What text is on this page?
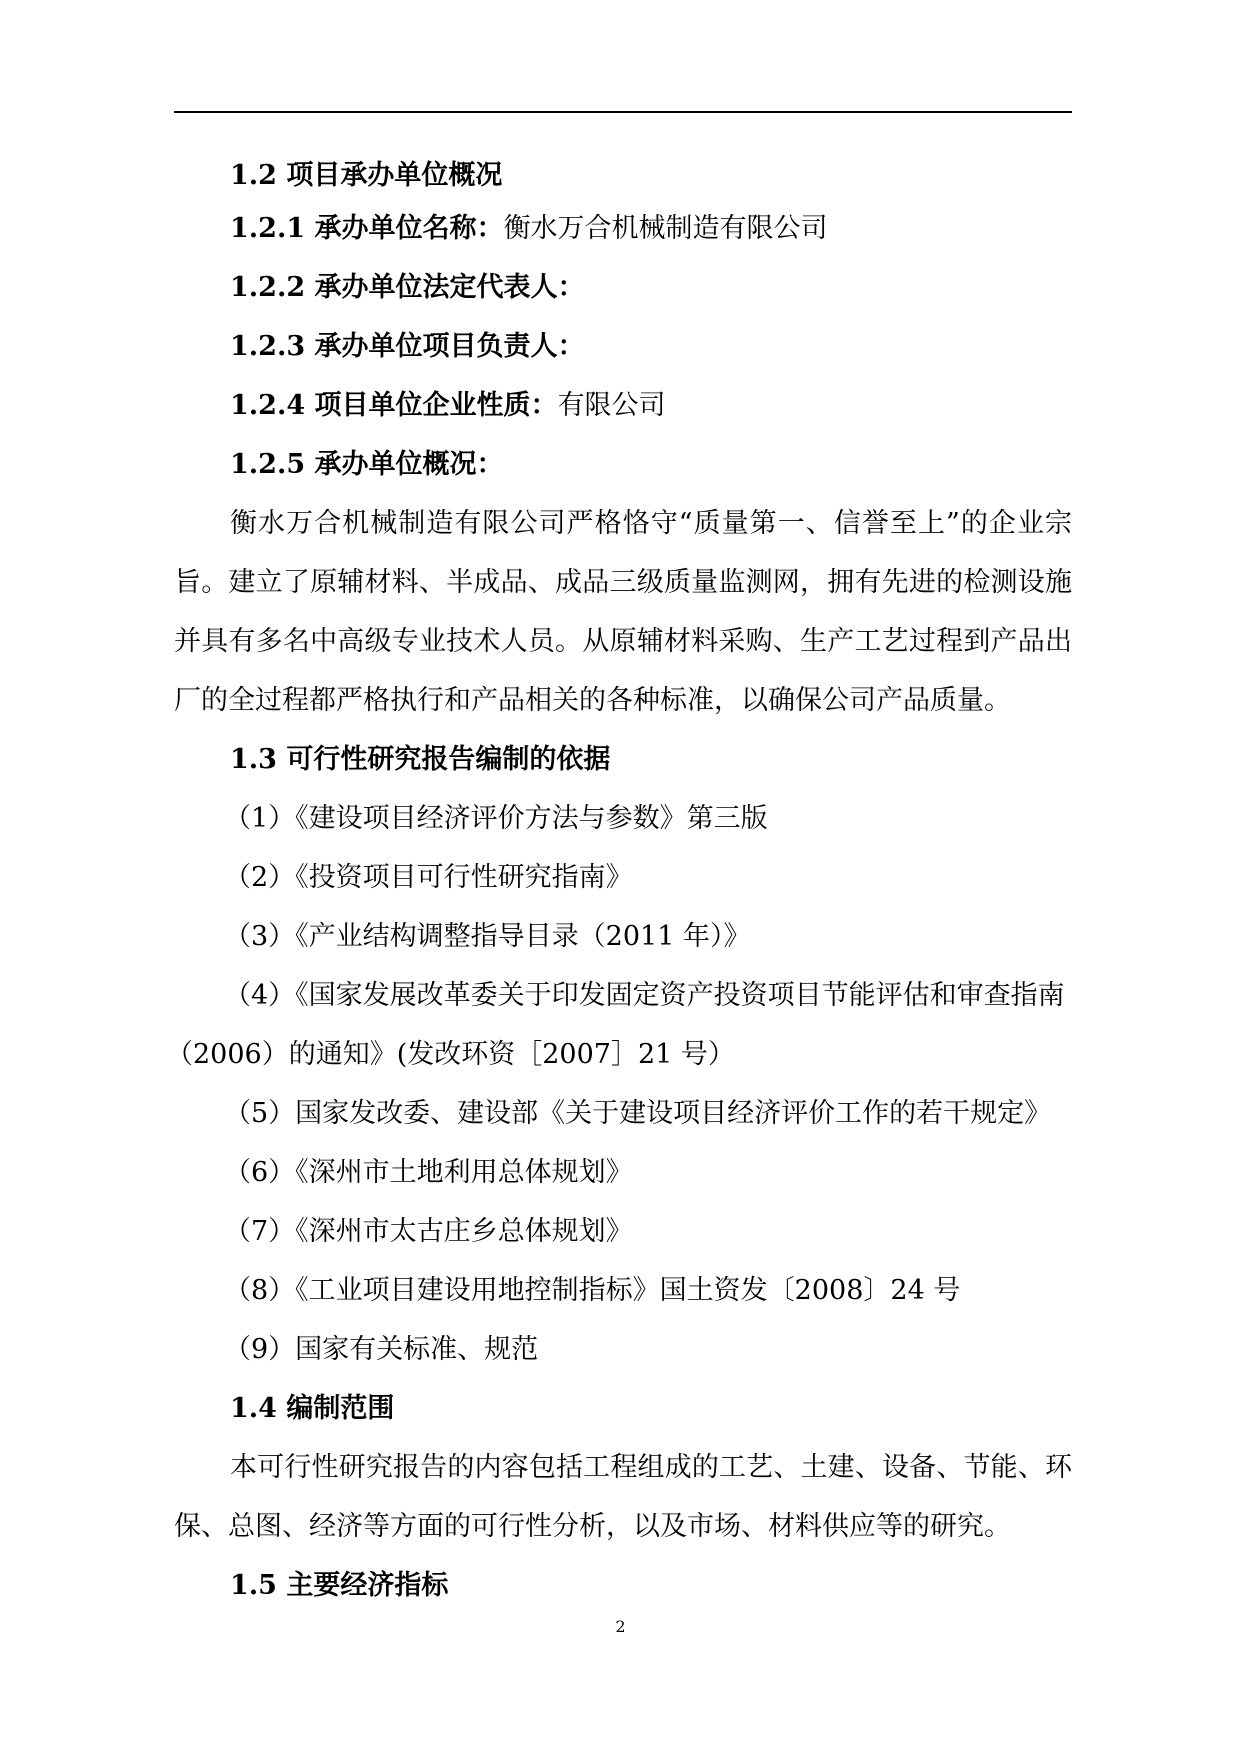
1.2 项目承办单位概况
1.2.1 承办单位名称：衡水万合机械制造有限公司
1.2.2 承办单位法定代表人：
1.2.3 承办单位项目负责人：
1.2.4 项目单位企业性质：有限公司
1.2.5 承办单位概况：
衡水万合机械制造有限公司严格恪守“质量第一、信誉至上”的企业宗
旨。建立了原辅材料、半成品、成品三级质量监测网，拥有先进的检测设施
并具有多名中高级专业技术人员。从原辅材料采购、生产工艺过程到产品出
厂的全过程都严格执行和产品相关的各种标准，以确保公司产品质量。
1.3 可行性研究报告编制的依据
（1）《建设项目经济评价方法与参数》第三版
（2）《投资项目可行性研究指南》
（3）《产业结构调整指导目录（2011 年）》
（4）《国家发展改革委关于印发固定资产投资项目节能评估和审查指南
（2006）的通知》(发改环资［2007］21 号）
（5）国家发改委、建设部《关于建设项目经济评价工作的若干规定》
（6）《深州市土地利用总体规划》
（7）《深州市太古庄乡总体规划》
（8）《工业项目建设用地控制指标》国土资发〔2008〕24 号
（9）国家有关标准、规范
1.4 编制范围
本可行性研究报告的内容包括工程组成的工艺、土建、设备、节能、环
保、总图、经济等方面的可行性分析，以及市场、材料供应等的研究。
1.5 主要经济指标
2
